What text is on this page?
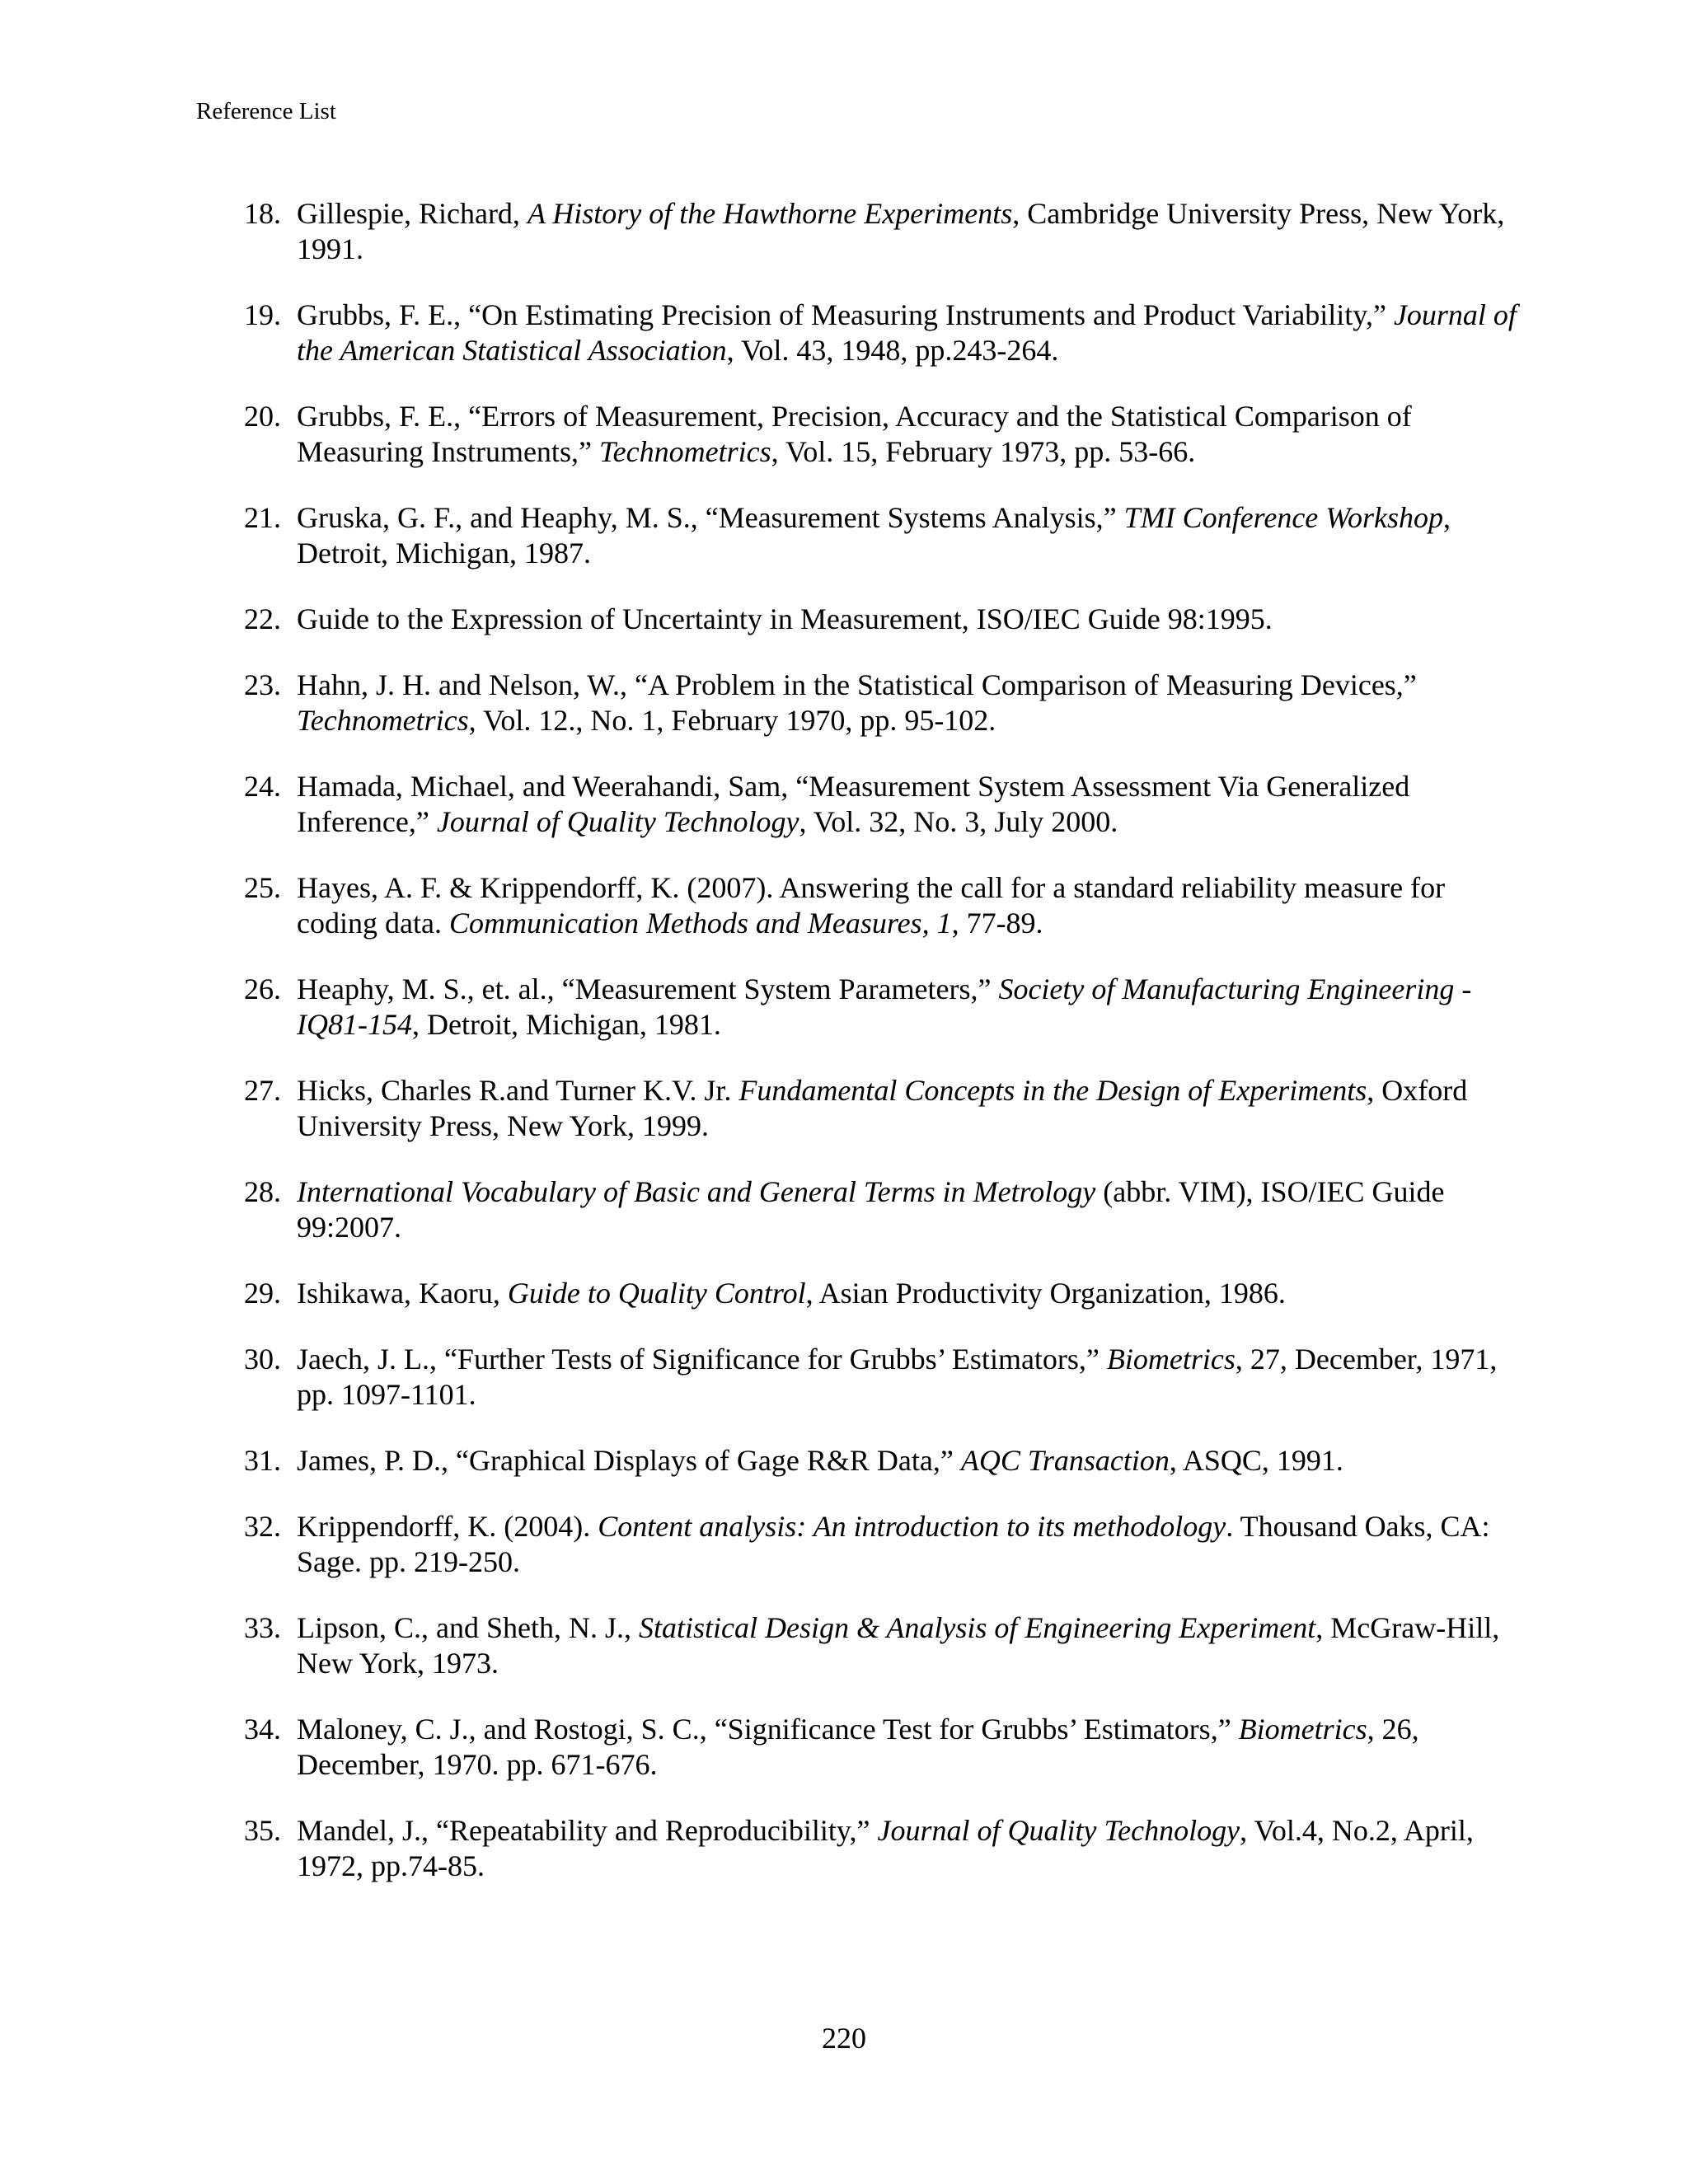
Reference List
18. Gillespie, Richard, A History of the Hawthorne Experiments, Cambridge University Press, New York, 1991.
19. Grubbs, F. E., “On Estimating Precision of Measuring Instruments and Product Variability,” Journal of the American Statistical Association, Vol. 43, 1948, pp.243-264.
20. Grubbs, F. E., “Errors of Measurement, Precision, Accuracy and the Statistical Comparison of Measuring Instruments,” Technometrics, Vol. 15, February 1973, pp. 53-66.
21. Gruska, G. F., and Heaphy, M. S., “Measurement Systems Analysis,” TMI Conference Workshop, Detroit, Michigan, 1987.
22. Guide to the Expression of Uncertainty in Measurement, ISO/IEC Guide 98:1995.
23. Hahn, J. H. and Nelson, W., “A Problem in the Statistical Comparison of Measuring Devices,” Technometrics, Vol. 12., No. 1, February 1970, pp. 95-102.
24. Hamada, Michael, and Weerahandi, Sam, “Measurement System Assessment Via Generalized Inference,” Journal of Quality Technology, Vol. 32, No. 3, July 2000.
25. Hayes, A. F. & Krippendorff, K. (2007). Answering the call for a standard reliability measure for coding data. Communication Methods and Measures, 1, 77-89.
26. Heaphy, M. S., et. al., “Measurement System Parameters,” Society of Manufacturing Engineering -IQ81-154, Detroit, Michigan, 1981.
27. Hicks, Charles R.and Turner K.V. Jr. Fundamental Concepts in the Design of Experiments, Oxford University Press, New York, 1999.
28. International Vocabulary of Basic and General Terms in Metrology (abbr. VIM), ISO/IEC Guide 99:2007.
29. Ishikawa, Kaoru, Guide to Quality Control, Asian Productivity Organization, 1986.
30. Jaech, J. L., “Further Tests of Significance for Grubbs’ Estimators,” Biometrics, 27, December, 1971, pp. 1097-1101.
31. James, P. D., “Graphical Displays of Gage R&R Data,” AQC Transaction, ASQC, 1991.
32. Krippendorff, K. (2004). Content analysis: An introduction to its methodology. Thousand Oaks, CA: Sage. pp. 219-250.
33. Lipson, C., and Sheth, N. J., Statistical Design & Analysis of Engineering Experiment, McGraw-Hill, New York, 1973.
34. Maloney, C. J., and Rostogi, S. C., “Significance Test for Grubbs’ Estimators,” Biometrics, 26, December, 1970. pp. 671-676.
35. Mandel, J., “Repeatability and Reproducibility,” Journal of Quality Technology, Vol.4, No.2, April, 1972, pp.74-85.
220
